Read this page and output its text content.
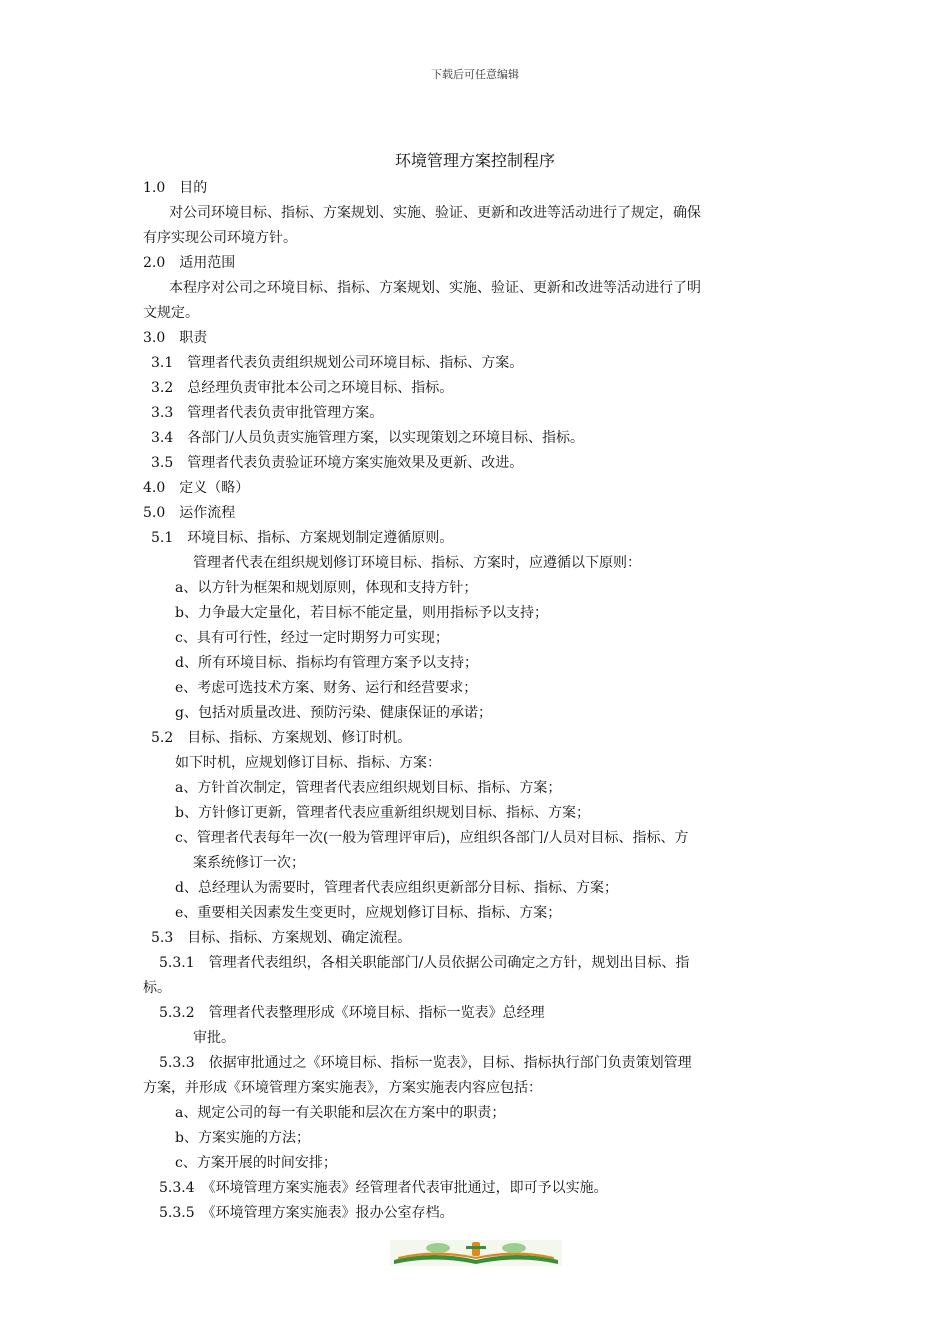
下载后可任意编辑
环境管理方案控制程序
1.0　目的
对公司环境目标、指标、方案规划、实施、验证、更新和改进等活动进行了规定，确保
有序实现公司环境方针。
2.0　适用范围
本程序对公司之环境目标、指标、方案规划、实施、验证、更新和改进等活动进行了明
文规定。
3.0　职责
3.1　管理者代表负责组织规划公司环境目标、指标、方案。
3.2　总经理负责审批本公司之环境目标、指标。
3.3　管理者代表负责审批管理方案。
3.4　各部门/人员负责实施管理方案，以实现策划之环境目标、指标。
3.5　管理者代表负责验证环境方案实施效果及更新、改进。
4.0　定义（略）
5.0　运作流程
5.1　环境目标、指标、方案规划制定遵循原则。
管理者代表在组织规划修订环境目标、指标、方案时，应遵循以下原则：
a、以方针为框架和规划原则，体现和支持方针；
b、力争最大定量化，若目标不能定量，则用指标予以支持；
c、具有可行性，经过一定时期努力可实现；
d、所有环境目标、指标均有管理方案予以支持；
e、考虑可选技术方案、财务、运行和经营要求；
g、包括对质量改进、预防污染、健康保证的承诺；
5.2　目标、指标、方案规划、修订时机。
如下时机，应规划修订目标、指标、方案：
a、方针首次制定，管理者代表应组织规划目标、指标、方案；
b、方针修订更新，管理者代表应重新组织规划目标、指标、方案；
c、管理者代表每年一次(一般为管理评审后)，应组织各部门/人员对目标、指标、方
案系统修订一次；
d、总经理认为需要时，管理者代表应组织更新部分目标、指标、方案；
e、重要相关因素发生变更时，应规划修订目标、指标、方案；
5.3　目标、指标、方案规划、确定流程。
5.3.1　管理者代表组织，各相关职能部门/人员依据公司确定之方针，规划出目标、指
标。
5.3.2　管理者代表整理形成《环境目标、指标一览表》总经理
审批。
5.3.3　依据审批通过之《环境目标、指标一览表》，目标、指标执行部门负责策划管理
方案，并形成《环境管理方案实施表》，方案实施表内容应包括：
a、规定公司的每一有关职能和层次在方案中的职责；
b、方案实施的方法；
c、方案开展的时间安排；
5.3.4　《环境管理方案实施表》经管理者代表审批通过，即可予以实施。
5.3.5　《环境管理方案实施表》报办公室存档。
